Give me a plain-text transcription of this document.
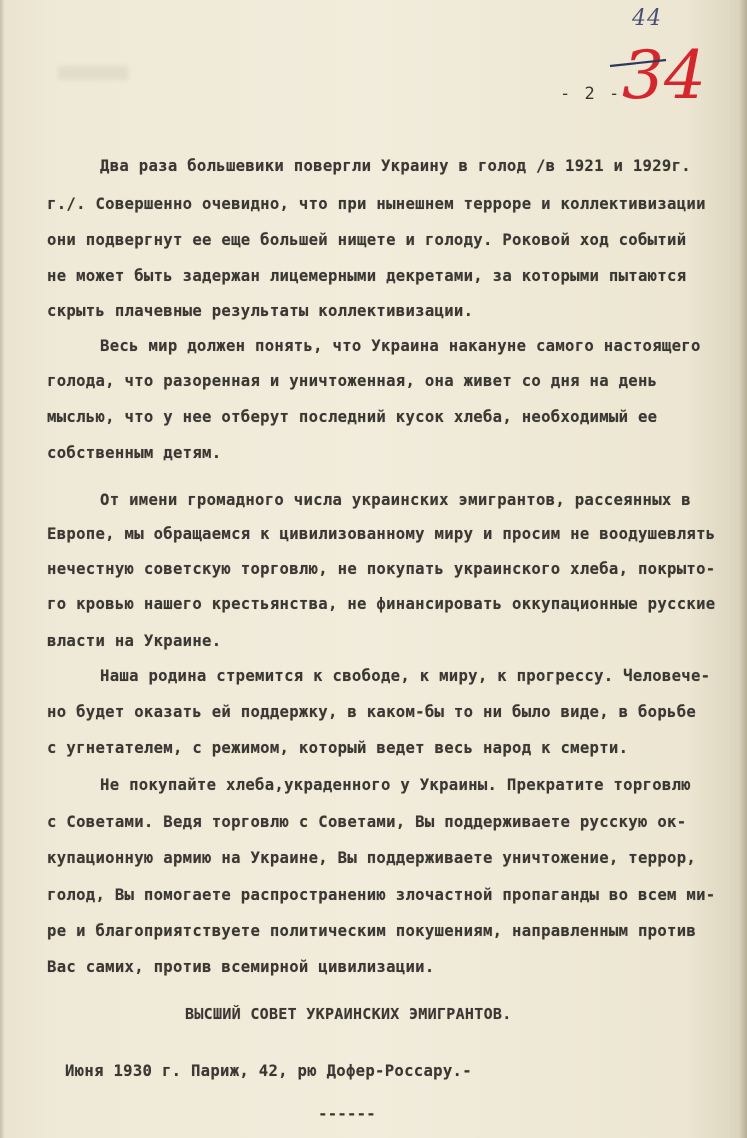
44
34
- 2 -
Два раза большевики повергли Украину в голод /в 1921 и 1929г.
г./. Совершенно очевидно, что при нынешнем терроре и коллективизации
они подвергнут ее еще большей нищете и голоду. Роковой ход событий
не может быть задержан лицемерными декретами, за которыми пытаются
скрыть плачевные результаты коллективизации.
Весь мир должен понять, что Украина накануне самого настоящего
голода, что разоренная и уничтоженная, она живет со дня на день
мыслью, что у нее отберут последний кусок хлеба, необходимый ее
собственным детям.
От имени громадного числа украинских эмигрантов, рассеянных в
Европе, мы обращаемся к цивилизованному миру и просим не воодушевлять
нечестную советскую торговлю, не покупать украинского хлеба, покрыто-
го кровью нашего крестьянства, не финансировать оккупационные русские
власти на Украине.
Наша родина стремится к свободе, к миру, к прогрессу. Человече-
но будет оказать ей поддержку, в каком-бы то ни было виде, в борьбе
с угнетателем, с режимом, который ведет весь народ к смерти.
Не покупайте хлеба,украденного у Украины. Прекратите торговлю
с Советами. Ведя торговлю с Советами, Вы поддерживаете русскую ок-
купационную армию на Украине, Вы поддерживаете уничтожение, террор,
голод, Вы помогаете распространению злочастной пропаганды во всем ми-
ре и благоприятствуете политическим покушениям, направленным против
Вас самих, против всемирной цивилизации.
ВЫСШИЙ СОВЕТ УКРАИНСКИХ ЭМИГРАНТОВ.
Июня 1930 г. Париж, 42, рю Дофер-Россару.-
------
